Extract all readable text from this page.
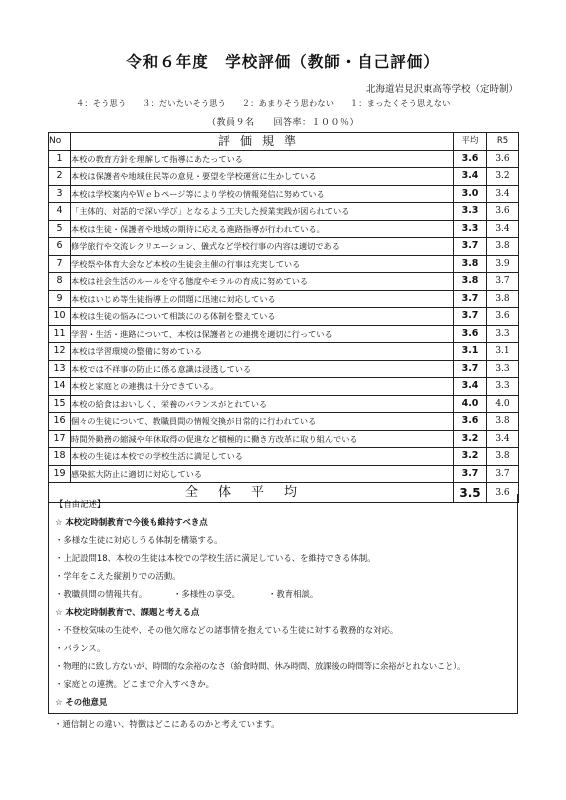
令和６年度　学校評価（教師・自己評価）
北海道岩見沢東高等学校（定時制）
４：そう思う ３：だいたいそう思う ２：あまりそう思わない １：まったくそう思えない
（教員９名　　回答率：１００％）
No	評価規準	平均	R5
1	本校の教育方針を理解して指導にあたっている	3.6	3.6
2	本校は保護者や地域住民等の意見・要望を学校運営に生かしている	3.4	3.2
3	本校は学校案内やＷｅｂページ等により学校の情報発信に努めている	3.0	3.4
4	「主体的、対話的で深い学び」となるよう工夫した授業実践が図られている	3.3	3.6
5	本校は生徒・保護者や地域の期待に応える進路指導が行われている。	3.3	3.4
6	修学旅行や交流レクリエーション、儀式など学校行事の内容は適切である	3.7	3.8
7	学校祭や体育大会など本校の生徒会主催の行事は充実している	3.8	3.9
8	本校は社会生活のルールを守る態度やモラルの育成に努めている	3.8	3.7
9	本校はいじめ等生徒指導上の問題に迅速に対応している	3.7	3.8
10	本校は生徒の悩みについて相談にのる体制を整えている	3.7	3.6
11	学習・生活・進路について、本校は保護者との連携を適切に行っている	3.6	3.3
12	本校は学習環境の整備に努めている	3.1	3.1
13	本校では不祥事の防止に係る意識は浸透している	3.7	3.3
14	本校と家庭との連携は十分できている。	3.4	3.3
15	本校の給食はおいしく、栄養のバランスがとれている	4.0	4.0
16	個々の生徒について、教職員間の情報交換が日常的に行われている	3.6	3.8
17	時間外勤務の縮減や年休取得の促進など積極的に働き方改革に取り組んでいる	3.2	3.4
18	本校の生徒は本校での学校生活に満足している	3.2	3.8
19	感染拡大防止に適切に対応している	3.7	3.7
全体平均		3.5	3.6
【自由記述】
☆ 本校定時制教育で今後も維持すべき点
・多様な生徒に対応しうる体制を構築する。
・上記設問18、本校の生徒は本校での学校生活に満足している、を維持できる体制。
・学年をこえた縦割りでの活動。
・教職員間の情報共有。	・多様性の享受。	・教育相談。
☆ 本校定時制教育で、課題と考える点
・不登校気味の生徒や、その他欠席などの諸事情を抱えている生徒に対する教務的な対応。
・バランス。
・物理的に致し方ないが、時間的な余裕のなさ（給食時間、休み時間、放課後の時間等に余裕がとれないこと）。
・家庭との連携。どこまで介入すべきか。
☆ その他意見
・通信制との違い、特徴はどこにあるのかと考えています。
